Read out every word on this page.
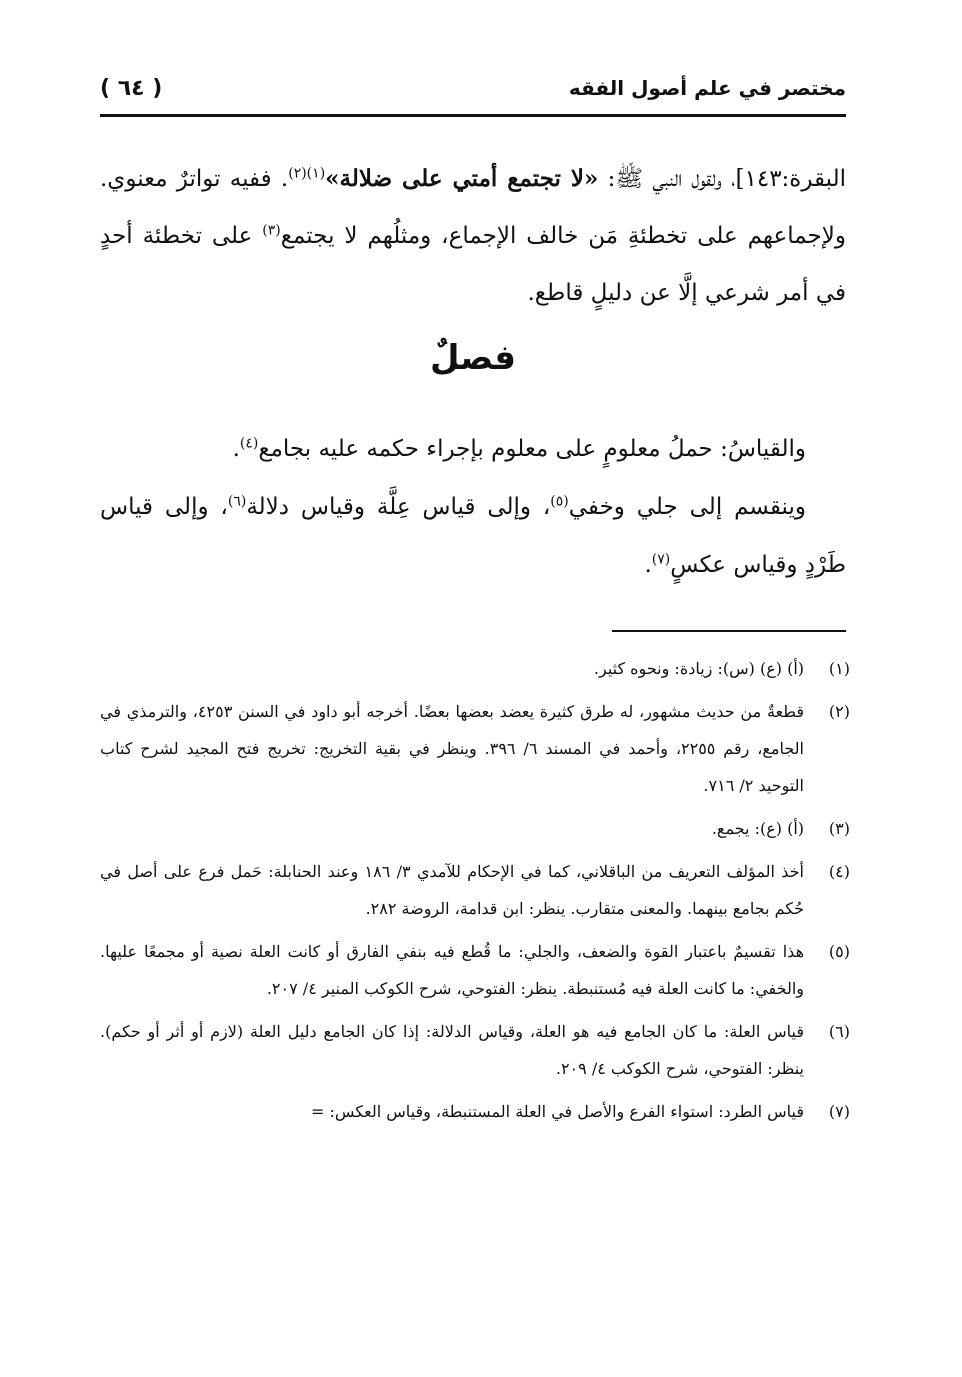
مختصر في علم أصول الفقه
( ٦٤ )

البقرة:١٤٣]، ولقول النبي ﷺ: «لا تجتمع أمتي على ضلالة»$^{(١)(٢)}$. ففيه تواترٌ معنوي. ولإجماعهم على تخطئةِ مَن خالف الإجماع، ومثلُهم لا يجتمع$^{(٣)}$ على تخطئة أحدٍ في أمر شرعي إلَّا عن دليلٍ قاطع.

فصلٌ

والقياسُ: حملُ معلومٍ على معلوم بإجراء حكمه عليه بجامع$^{(٤)}$.

وينقسم إلى جلي وخفي$^{(٥)}$، وإلى قياس عِلَّة وقياس دلالة$^{(٦)}$، وإلى قياس طَرْدٍ وقياس عكسٍ$^{(٧)}$.

(١)
(أ) (ع) (س): زيادة: ونحوه كثير.
(٢)
قطعةٌ من حديث مشهور، له طرق كثيرة يعضد بعضها بعضًا. أخرجه أبو داود في السنن ٤٢٥٣، والترمذي في الجامع، رقم ٢٢٥٥، وأحمد في المسند ٦/ ٣٩٦. وينظر في بقية التخريج: تخريج فتح المجيد لشرح كتاب التوحيد ٢/ ٧١٦.
(٣)
(أ) (ع): يجمع.
(٤)
أخذ المؤلف التعريف من الباقلاني، كما في الإحكام للآمدي ٣/ ١٨٦ وعند الحنابلة: حَمل فرع على أصل في حُكم بجامع بينهما. والمعنى متقارب. ينظر: ابن قدامة، الروضة ٢٨٢.
(٥)
هذا تقسيمٌ باعتبار القوة والضعف، والجلي: ما قُطع فيه بنفي الفارق أو كانت العلة نصية أو مجمعًا عليها. والخفي: ما كانت العلة فيه مُستنبطة. ينظر: الفتوحي، شرح الكوكب المنير ٤/ ٢٠٧.
(٦)
قياس العلة: ما كان الجامع فيه هو العلة، وقياس الدلالة: إذا كان الجامع دليل العلة (لازم أو أثر أو حكم). ينظر: الفتوحي، شرح الكوكب ٤/ ٢٠٩.
(٧)
قياس الطرد: استواء الفرع والأصل في العلة المستنبطة، وقياس العكس: =
